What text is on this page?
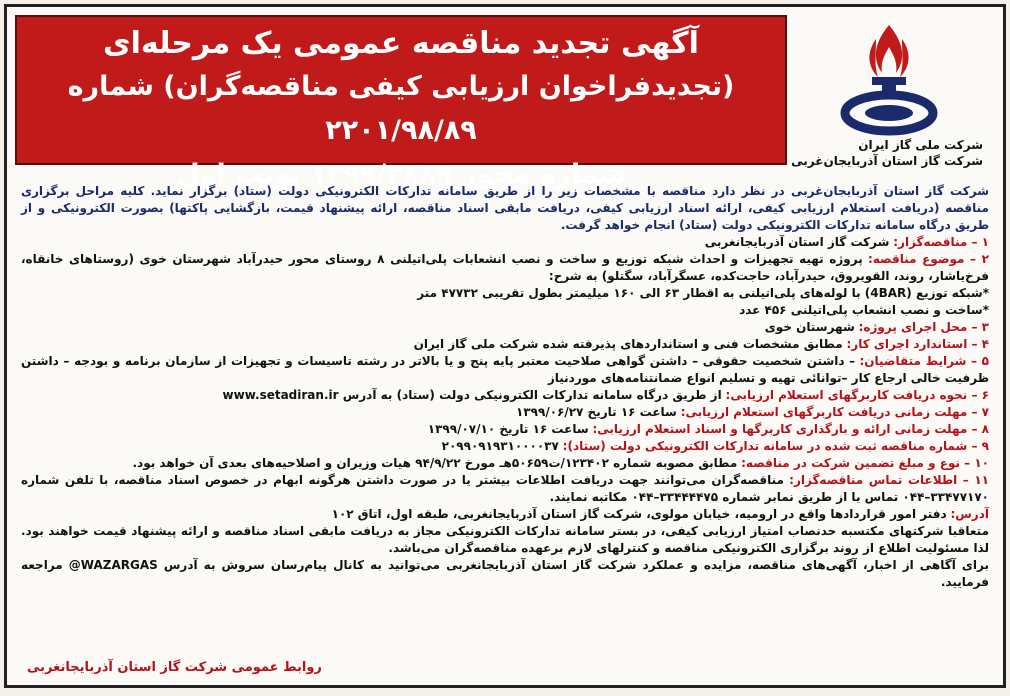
آگهی تجدید مناقصه عمومی یک مرحله‌ای
(تجدیدفراخوان ارزیابی کیفی مناقصه‌گران) شماره ۲۲۰۱/۹۸/۸۹
شماره مجوز ۱۳۹۹/۲۸۸۹ نوبت اول
شرکت ملی گاز ایران
شرکت گاز استان آذربایجان‌غربی

شرکت گاز استان آذربایجان‌غربی در نظر دارد مناقصه با مشخصات زیر را از طریق سامانه تدارکات الکترونیکی دولت (ستاد) برگزار نماید. کلیه مراحل برگزاری مناقصه (دریافت استعلام ارزیابی کیفی، ارائه اسناد ارزیابی کیفی، دریافت مابقی اسناد مناقصه، ارائه پیشنهاد قیمت، بازگشایی پاکتها) بصورت الکترونیکی و از طریق درگاه سامانه تدارکات الکترونیکی دولت (ستاد) انجام خواهد گرفت.

۱ – مناقصه‌گزار: شرکت گاز استان آذربایجانغربی

۲ – موضوع مناقصه: پروژه تهیه تجهیزات و احداث شبکه توزیع و ساخت و نصب انشعابات پلی‌اتیلنی ۸ روستای محور حیدرآباد شهرستان خوی (روستاهای خانقاه، فرخ‌یاشار، روند، القویروق، حیدرآباد، حاجت‌کده، عسگرآباد، سگتلو) به شرح:

*شبکه توزیع (4BAR) با لوله‌های پلی‌اتیلنی به اقطار ۶۳ الی ۱۶۰ میلیمتر بطول تقریبی ۴۷۷۳۲ متر

*ساخت و نصب انشعاب پلی‌اتیلنی ۴۵۶ عدد

۳ – محل اجرای پروژه: شهرستان خوی

۴ – استاندارد اجرای کار: مطابق مشخصات فنی و استانداردهای پذیرفته شده شرکت ملی گاز ایران

۵ – شرایط متقاضیان: – داشتن شخصیت حقوقی – داشتن گواهی صلاحیت معتبر پایه پنج و یا بالاتر در رشته تاسیسات و تجهیزات از سازمان برنامه و بودجه – داشتن ظرفیت خالی ارجاع کار –توانائی تهیه و تسلیم انواع ضمانتنامه‌های موردنیاز

۶ – نحوه دریافت کاربرگهای استعلام ارزیابی: از طریق درگاه سامانه تدارکات الکترونیکی دولت (ستاد) به آدرس www.setadiran.ir

۷ – مهلت زمانی دریافت کاربرگهای استعلام ارزیابی: ساعت ۱۶ تاریخ ۱۳۹۹/۰۶/۲۷

۸ – مهلت زمانی ارائه و بارگذاری کاربرگها و اسناد استعلام ارزیابی: ساعت ۱۶ تاریخ ۱۳۹۹/۰۷/۱۰

۹ – شماره مناقصه ثبت شده در سامانه تدارکات الکترونیکی دولت (ستاد): ۲۰۹۹۰۹۱۹۳۱۰۰۰۰۳۷

۱۰ – نوع و مبلغ تضمین شرکت در مناقصه: مطابق مصوبه شماره ۱۲۳۴۰۲/ت۵۰۶۵۹هـ مورخ ۹۴/۹/۲۲ هیات وزیران و اصلاحیه‌های بعدی آن خواهد بود.

۱۱ – اطلاعات تماس مناقصه‌گزار: مناقصه‌گران می‌توانند جهت دریافت اطلاعات بیشتر یا در صورت داشتن هرگونه ابهام در خصوص اسناد مناقصه، با تلفن شماره ۳۳۴۷۷۱۷۰–۰۴۴ تماس یا از طریق نمابر شماره ۳۳۴۴۴۴۷۵–۰۴۴ مکاتبه نمایند.

آدرس: دفتر امور قراردادها واقع در ارومیه، خیابان مولوی، شرکت گاز استان آذربایجانغربی، طبقه اول، اتاق ۱۰۲

متعاقبا شرکتهای مکتسبه حدنصاب امتیاز ارزیابی کیفی، در بستر سامانه تدارکات الکترونیکی مجاز به دریافت مابقی اسناد مناقصه و ارائه پیشنهاد قیمت خواهند بود. لذا مسئولیت اطلاع از روند برگزاری الکترونیکی مناقصه و کنترلهای لازم برعهده مناقصه‌گران می‌باشد.

برای آگاهی از اخبار، آگهی‌های مناقصه، مزایده و عملکرد شرکت گاز استان آذربایجانغربی می‌توانید به کانال پیام‌رسان سروش به آدرس WAZARGAS@ مراجعه فرمایید.

روابط عمومی شرکت گاز استان آذربایجانغربی
